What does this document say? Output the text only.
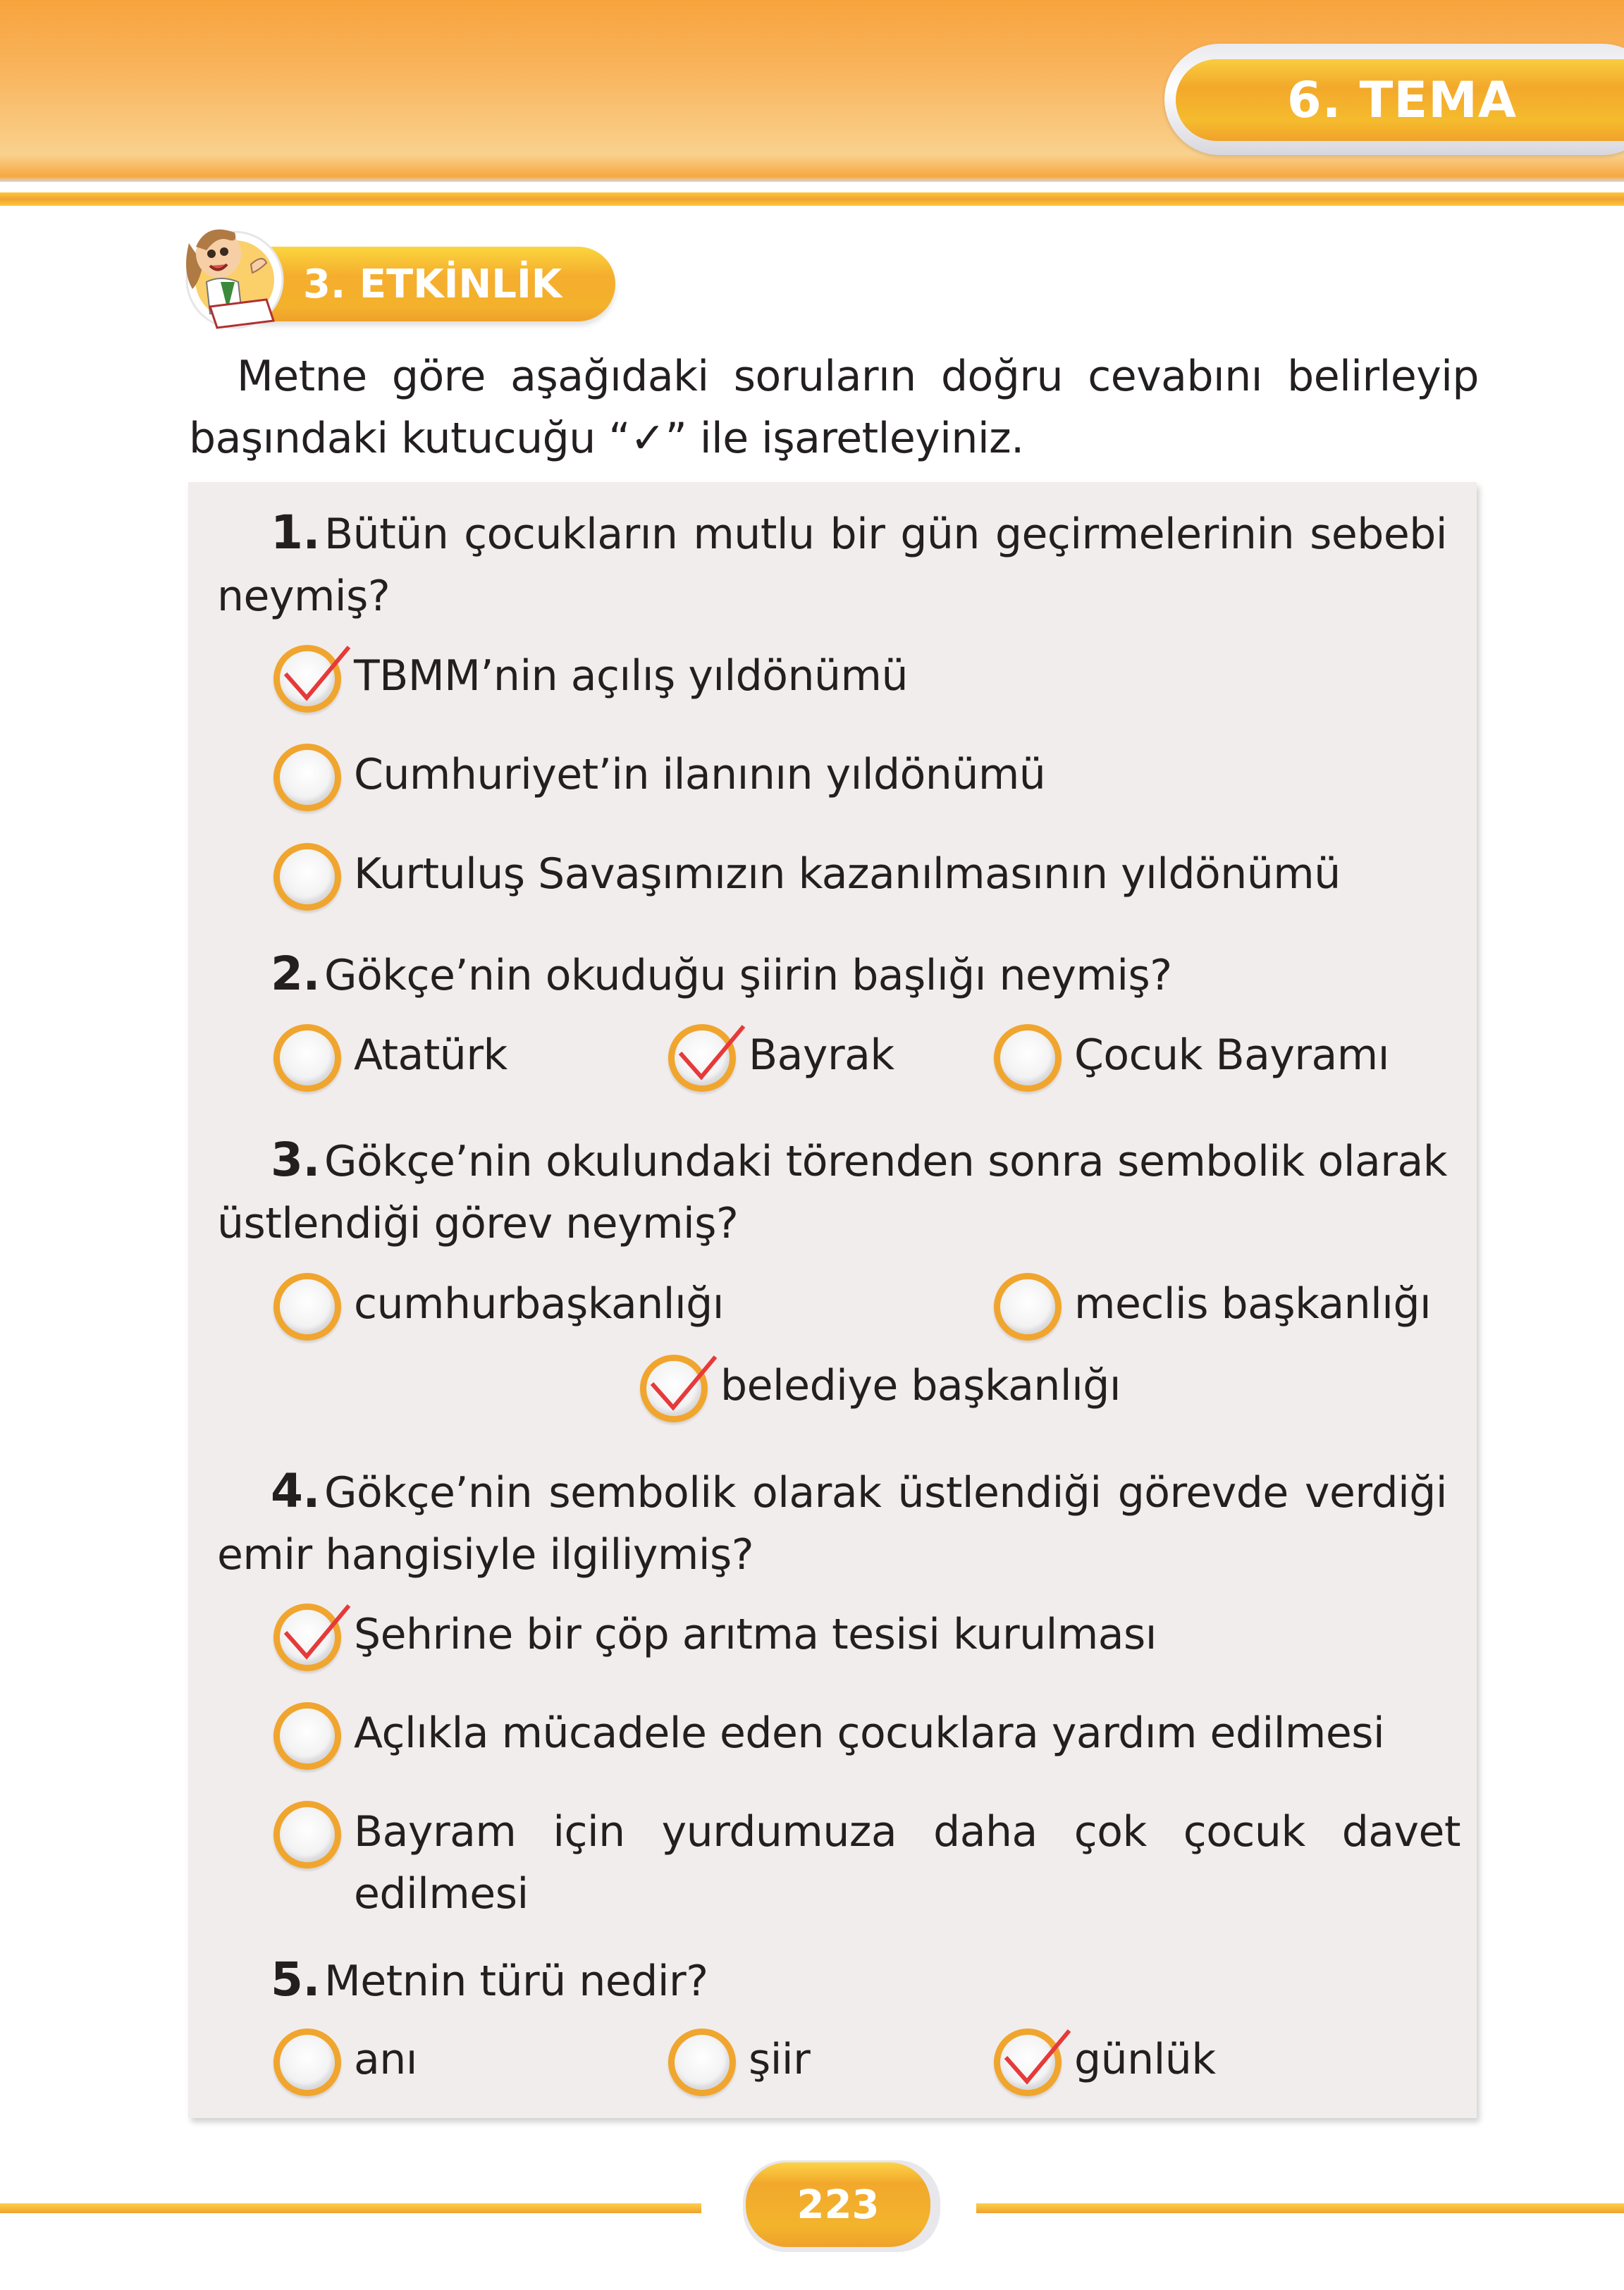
6. TEMA
3. ETKİNLİK

Metne göre aşağıdaki soruların doğru cevabını belirleyip başındaki kutucuğu “✓” ile işaretleyiniz.

1. Bütün çocukların mutlu bir gün geçirmelerinin sebebi neymiş?

TBMM’nin açılış yıldönümü
Cumhuriyet’in ilanının yıldönümü
Kurtuluş Savaşımızın kazanılmasının yıldönümü

2. Gökçe’nin okuduğu şiirin başlığı neymiş?

Atatürk	Bayrak	Çocuk Bayramı

3. Gökçe’nin okulundaki törenden sonra sembolik olarak üstlendiği görev neymiş?

cumhurbaşkanlığı	meclis başkanlığı
belediye başkanlığı

4. Gökçe’nin sembolik olarak üstlendiği görevde verdiği emir hangisiyle ilgiliymiş?

Şehrine bir çöp arıtma tesisi kurulması
Açlıkla mücadele eden çocuklara yardım edilmesi
Bayram için yurdumuza daha çok çocuk davet edilmesi

5. Metnin türü nedir?

anı	şiir	günlük
223
